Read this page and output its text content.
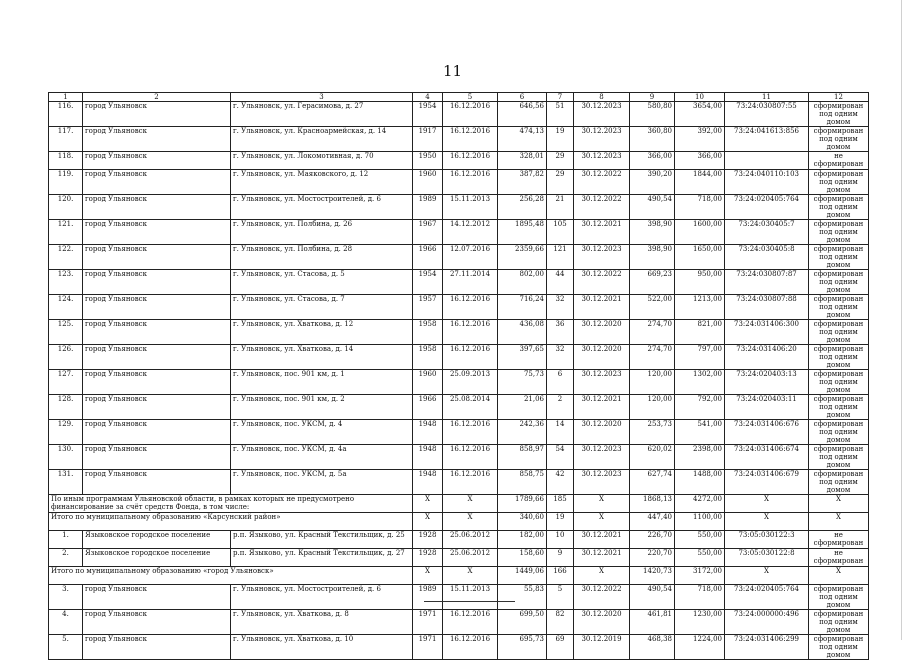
11
1	2	3	4	5	6	7	8	9	10	11	12
116.	город Ульяновск	г. Ульяновск, ул. Герасимова, д. 27	1954	16.12.2016	646,56	51	30.12.2023	580,80	3654,00	73:24:030807:55	сформирован под одним домом
117.	город Ульяновск	г. Ульяновск, ул. Красноармейская, д. 14	1917	16.12.2016	474,13	19	30.12.2023	360,80	392,00	73:24:041613:856	сформирован под одним домом
118.	город Ульяновск	г. Ульяновск, ул. Локомотивная, д. 70	1950	16.12.2016	328,01	29	30.12.2023	366,00	366,00		не сформирован
119.	город Ульяновск	г. Ульяновск, ул. Маяковского, д. 12	1960	16.12.2016	387,82	29	30.12.2022	390,20	1844,00	73:24:040110:103	сформирован под одним домом
120.	город Ульяновск	г. Ульяновск, ул. Мостостроителей, д. 6	1989	15.11.2013	256,28	21	30.12.2022	490,54	718,00	73:24:020405:764	сформирован под одним домом
121.	город Ульяновск	г. Ульяновск, ул. Полбина, д. 26	1967	14.12.2012	1895,48	105	30.12.2021	398,90	1600,00	73:24:030405:7	сформирован под одним домом
122.	город Ульяновск	г. Ульяновск, ул. Полбина, д. 28	1966	12.07.2016	2359,66	121	30.12.2023	398,90	1650,00	73:24:030405:8	сформирован под одним домом
123.	город Ульяновск	г. Ульяновск, ул. Стасова, д. 5	1954	27.11.2014	802,00	44	30.12.2022	669,23	950,00	73:24:030807:87	сформирован под одним домом
124.	город Ульяновск	г. Ульяновск, ул. Стасова, д. 7	1957	16.12.2016	716,24	32	30.12.2021	522,00	1213,00	73:24:030807:88	сформирован под одним домом
125.	город Ульяновск	г. Ульяновск, ул. Хваткова, д. 12	1958	16.12.2016	436,08	36	30.12.2020	274,70	821,00	73:24:031406:300	сформирован под одним домом
126.	город Ульяновск	г. Ульяновск, ул. Хваткова, д. 14	1958	16.12.2016	397,65	32	30.12.2020	274,70	797,00	73:24:031406:20	сформирован под одним домом
127.	город Ульяновск	г. Ульяновск, пос. 901 км, д. 1	1960	25.09.2013	75,73	6	30.12.2023	120,00	1302,00	73:24:020403:13	сформирован под одним домом
128.	город Ульяновск	г. Ульяновск, пос. 901 км, д. 2	1966	25.08.2014	21,06	2	30.12.2021	120,00	792,00	73:24:020403:11	сформирован под одним домом
129.	город Ульяновск	г. Ульяновск, пос. УКСМ, д. 4	1948	16.12.2016	242,36	14	30.12.2020	253,73	541,00	73:24:031406:676	сформирован под одним домом
130.	город Ульяновск	г. Ульяновск, пос. УКСМ, д. 4а	1948	16.12.2016	858,97	54	30.12.2023	620,02	2398,00	73:24:031406:674	сформирован под одним домом
131.	город Ульяновск	г. Ульяновск, пос. УКСМ, д. 5а	1948	16.12.2016	858,75	42	30.12.2023	627,74	1488,00	73:24:031406:679	сформирован под одним домом
По иным программам Ульяновской области, в рамках которых не предусмотрено финансирование за счёт средств Фонда, в том числе:			X	X	1789,66	185	X	1868,13	4272,00	X	X
Итого по муниципальному образованию «Карсунский район»			X	X	340,60	19	X	447,40	1100,00	X	X
1.	Языковское городское поселение	р.п. Языково, ул. Красный Текстильщик, д. 25	1928	25.06.2012	182,00	10	30.12.2021	226,70	550,00	73:05:030122:3	не сформирован
2.	Языковское городское поселение	р.п. Языково, ул. Красный Текстильщик, д. 27	1928	25.06.2012	158,60	9	30.12.2021	220,70	550,00	73:05:030122:8	не сформирован
Итого по муниципальному образованию «город Ульяновск»			X	X	1449,06	166	X	1420,73	3172,00	X	X
3.	город Ульяновск	г. Ульяновск, ул. Мостостроителей, д. 6	1989	15.11.2013	55,83	5	30.12.2022	490,54	718,00	73:24:020405:764	сформирован под одним домом
4.	город Ульяновск	г. Ульяновск, ул. Хваткова, д. 8	1971	16.12.2016	699,50	82	30.12.2020	461,81	1230,00	73:24:000000:496	сформирован под одним домом
5.	город Ульяновск	г. Ульяновск, ул. Хваткова, д. 10	1971	16.12.2016	695,73	69	30.12.2019	468,38	1224,00	73:24:031406:299	сформирован под одним домом
